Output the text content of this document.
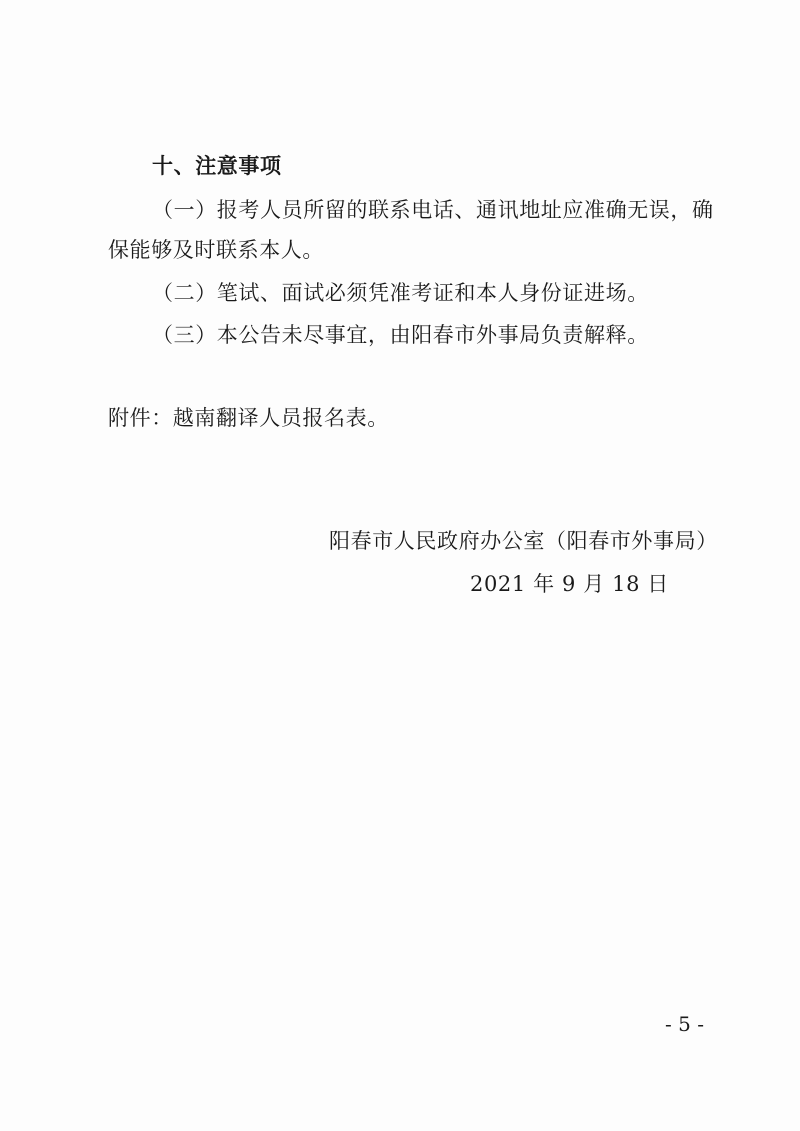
十、注意事项
（一）报考人员所留的联系电话、通讯地址应准确无误，确
保能够及时联系本人。
（二）笔试、面试必须凭准考证和本人身份证进场。
（三）本公告未尽事宜，由阳春市外事局负责解释。
附件：越南翻译人员报名表。
阳春市人民政府办公室（阳春市外事局）
2021 年 9 月 18 日
- 5 -
